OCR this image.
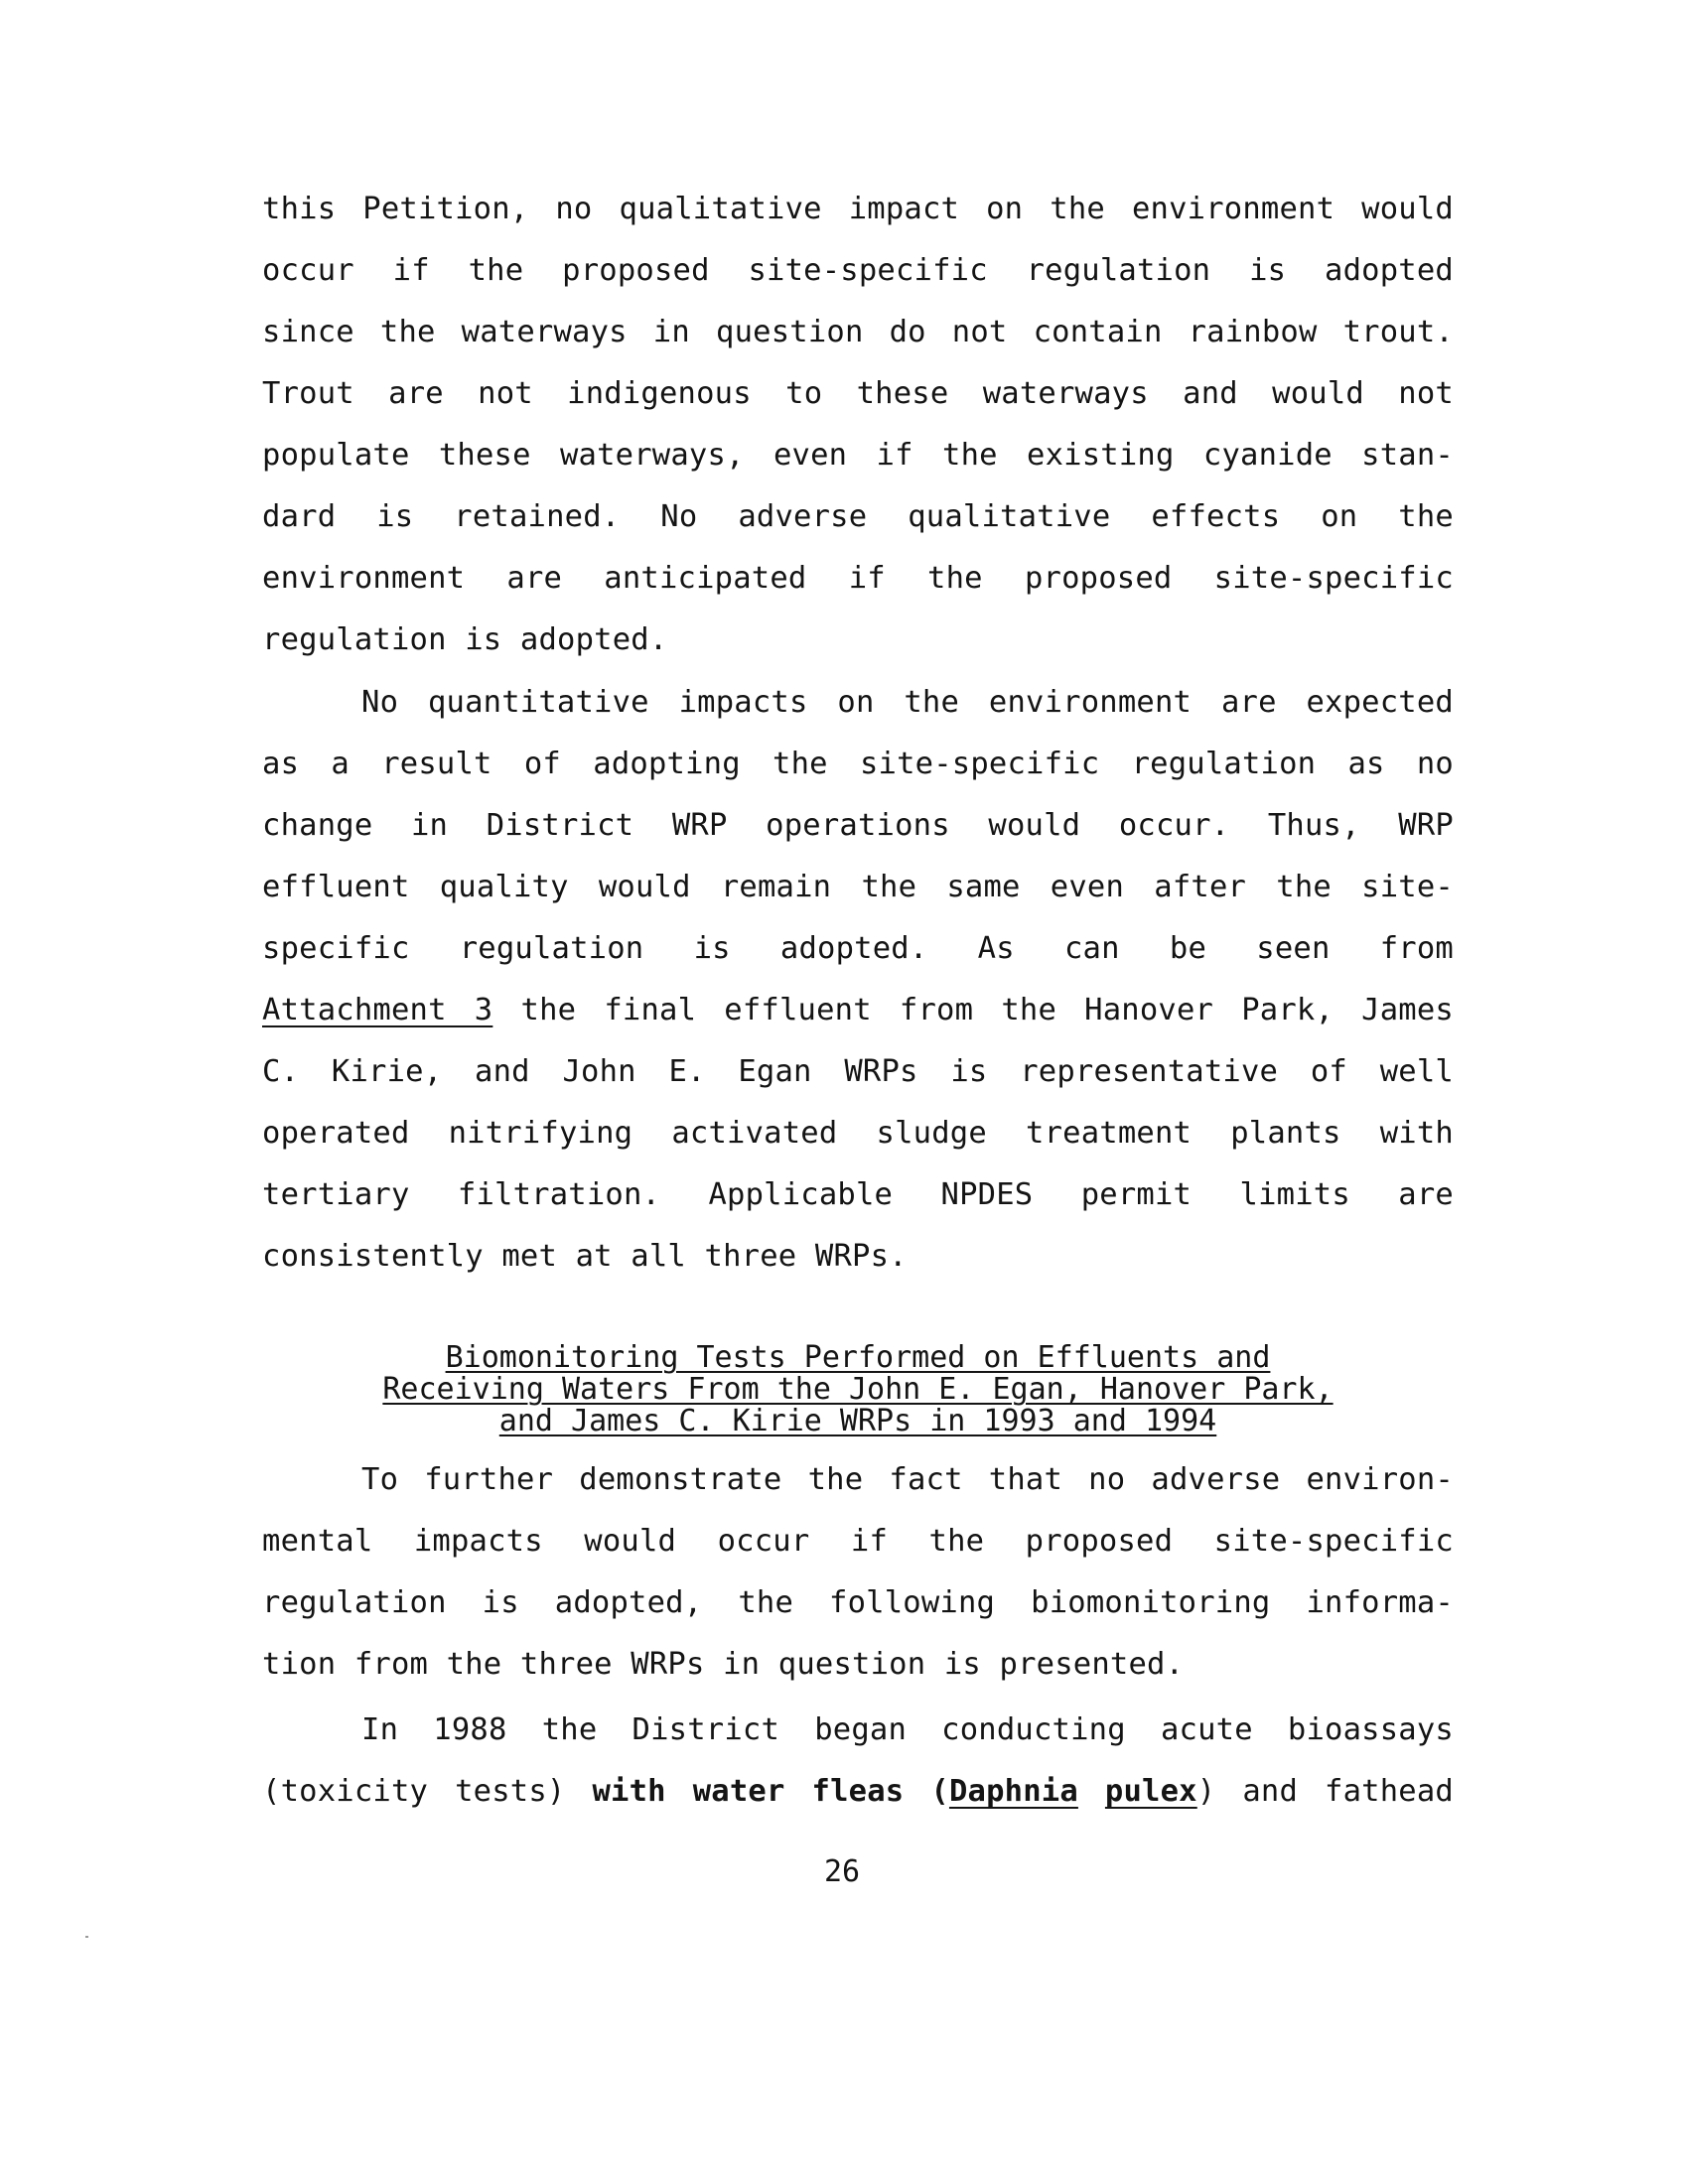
this Petition, no qualitative impact on the environment would
occur if the proposed site-specific regulation is adopted
since the waterways in question do not contain rainbow trout.
Trout are not indigenous to these waterways and would not
populate these waterways, even if the existing cyanide stan-
dard is retained. No adverse qualitative effects on the
environment are anticipated if the proposed site-specific
regulation is adopted.
No quantitative impacts on the environment are expected
as a result of adopting the site-specific regulation as no
change in District WRP operations would occur. Thus, WRP
effluent quality would remain the same even after the site-
specific regulation is adopted. As can be seen from
Attachment 3 the final effluent from the Hanover Park, James
C. Kirie, and John E. Egan WRPs is representative of well
operated nitrifying activated sludge treatment plants with
tertiary filtration. Applicable NPDES permit limits are
consistently met at all three WRPs.
Biomonitoring Tests Performed on Effluents and
Receiving Waters From the John E. Egan, Hanover Park,
and James C. Kirie WRPs in 1993 and 1994
To further demonstrate the fact that no adverse environ-
mental impacts would occur if the proposed site-specific
regulation is adopted, the following biomonitoring informa-
tion from the three WRPs in question is presented.
In 1988 the District began conducting acute bioassays
(toxicity tests) with water fleas (Daphnia pulex) and fathead
26
